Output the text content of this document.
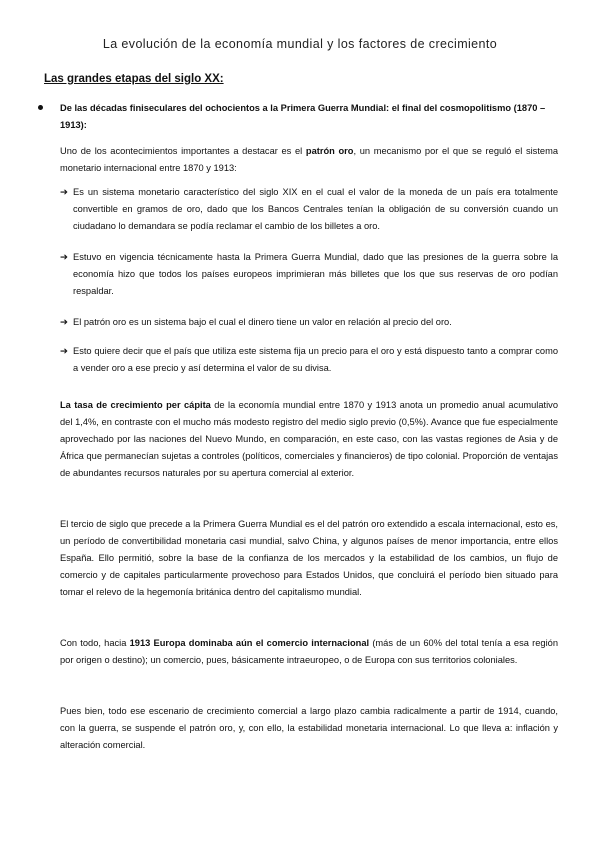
La evolución de la economía mundial y los factores de crecimiento
Las grandes etapas del siglo XX:
De las décadas finiseculares del ochocientos a la Primera Guerra Mundial: el final del cosmopolitismo (1870 –1913):
Uno de los acontecimientos importantes a destacar es el patrón oro, un mecanismo por el que se reguló el sistema monetario internacional entre 1870 y 1913:
➔ Es un sistema monetario característico del siglo XIX en el cual el valor de la moneda de un país era totalmente convertible en gramos de oro, dado que los Bancos Centrales tenían la obligación de su conversión cuando un ciudadano lo demandara se podía reclamar el cambio de los billetes a oro.
➔ Estuvo en vigencia técnicamente hasta la Primera Guerra Mundial, dado que las presiones de la guerra sobre la economía hizo que todos los países europeos imprimieran más billetes que los que sus reservas de oro podían respaldar.
➔ El patrón oro es un sistema bajo el cual el dinero tiene un valor en relación al precio del oro.
➔ Esto quiere decir que el país que utiliza este sistema fija un precio para el oro y está dispuesto tanto a comprar como a vender oro a ese precio y así determina el valor de su divisa.
La tasa de crecimiento per cápita de la economía mundial entre 1870 y 1913 anota un promedio anual acumulativo del 1,4%, en contraste con el mucho más modesto registro del medio siglo previo (0,5%). Avance que fue especialmente aprovechado por las naciones del Nuevo Mundo, en comparación, en este caso, con las vastas regiones de Asia y de África que permanecían sujetas a controles (políticos, comerciales y financieros) de tipo colonial. Proporción de ventajas de abundantes recursos naturales por su apertura comercial al exterior.
El tercio de siglo que precede a la Primera Guerra Mundial es el del patrón oro extendido a escala internacional, esto es, un período de convertibilidad monetaria casi mundial, salvo China, y algunos países de menor importancia, entre ellos España. Ello permitió, sobre la base de la confianza de los mercados y la estabilidad de los cambios, un flujo de comercio y de capitales particularmente provechoso para Estados Unidos, que concluirá el período bien situado para tomar el relevo de la hegemonía británica dentro del capitalismo mundial.
Con todo, hacia 1913 Europa dominaba aún el comercio internacional (más de un 60% del total tenía a esa región por origen o destino); un comercio, pues, básicamente intraeuropeo, o de Europa con sus territorios coloniales.
Pues bien, todo ese escenario de crecimiento comercial a largo plazo cambia radicalmente a partir de 1914, cuando, con la guerra, se suspende el patrón oro, y, con ello, la estabilidad monetaria internacional. Lo que lleva a: inflación y alteración comercial.
